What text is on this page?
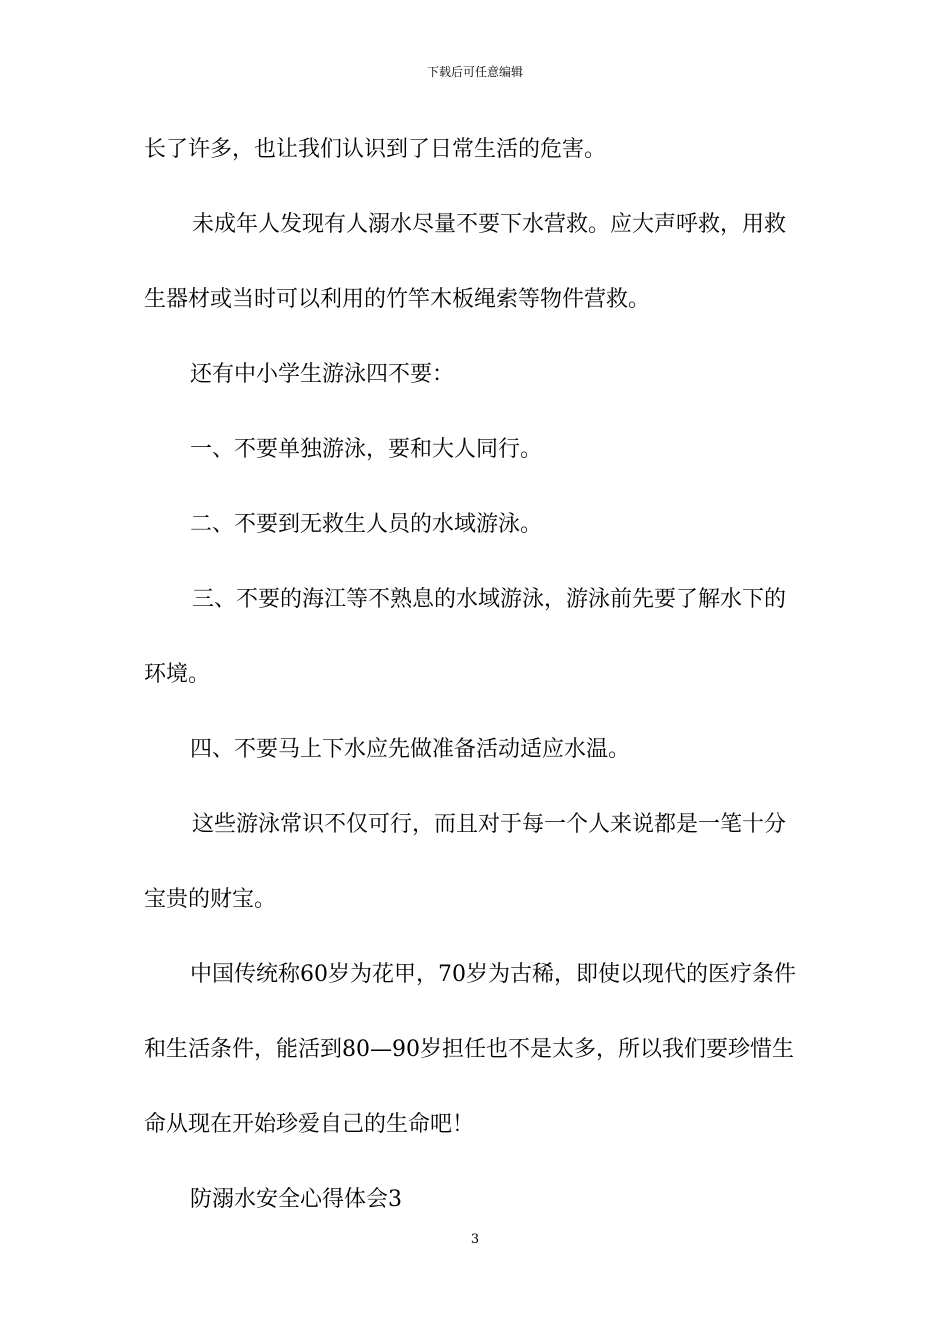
下载后可任意编辑
长了许多，也让我们认识到了日常生活的危害。
未成年人发现有人溺水尽量不要下水营救。应大声呼救，用救
生器材或当时可以利用的竹竿木板绳索等物件营救。
还有中小学生游泳四不要：
一、不要单独游泳，要和大人同行。
二、不要到无救生人员的水域游泳。
三、不要的海江等不熟息的水域游泳，游泳前先要了解水下的
环境。
四、不要马上下水应先做准备活动适应水温。
这些游泳常识不仅可行，而且对于每一个人来说都是一笔十分
宝贵的财宝。
中国传统称60岁为花甲，70岁为古稀，即使以现代的医疗条件
和生活条件，能活到80—90岁担任也不是太多，所以我们要珍惜生
命从现在开始珍爱自己的生命吧！
防溺水安全心得体会3
3
